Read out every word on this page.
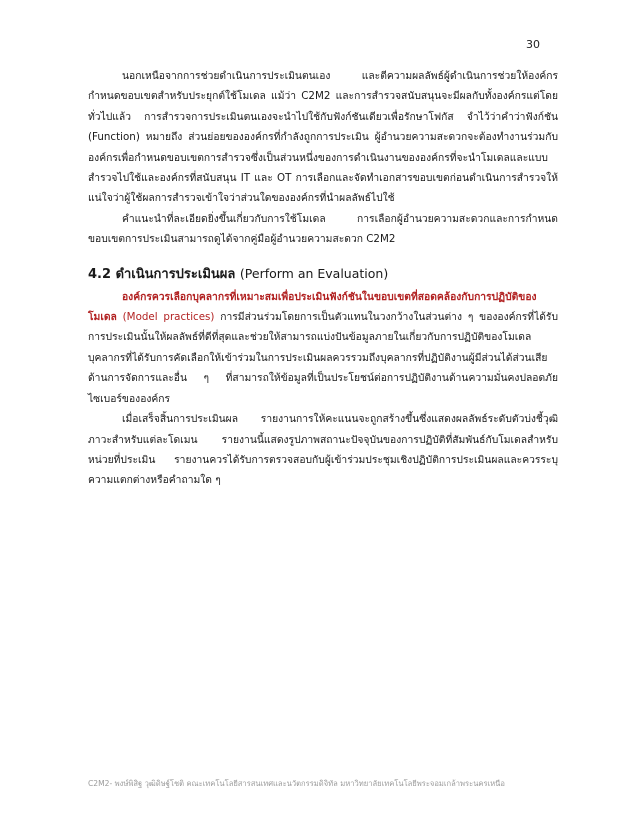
30

นอกเหนือจากการช่วยดำเนินการประเมินตนเอง และตีความผลลัพธ์ผู้ดำเนินการช่วยให้องค์กรกำหนดขอบเขตสำหรับประยุกต์ใช้โมเดล แม้ว่า C2M2 และการสำรวจสนับสนุนจะมีผลกับทั้งองค์กรแต่โดยทั่วไปแล้ว การสำรวจการประเมินตนเองจะนำไปใช้กับฟังก์ชันเดียวเพื่อรักษาโฟกัส จำไว้ว่าคำว่าฟังก์ชัน (Function) หมายถึง ส่วนย่อยขององค์กรที่กำลังถูกการประเมิน ผู้อำนวยความสะดวกจะต้องทำงานร่วมกับองค์กรเพื่อกำหนดขอบเขตการสำรวจซึ่งเป็นส่วนหนึ่งของการดำเนินงานขององค์กรที่จะนำโมเดลและแบบสำรวจไปใช้และองค์กรที่สนับสนุน IT และ OT การเลือกและจัดทำเอกสารขอบเขตก่อนดำเนินการสำรวจให้แน่ใจว่าผู้ใช้ผลการสำรวจเข้าใจว่าส่วนใดขององค์กรที่นำผลลัพธ์ไปใช้

คำแนะนำที่ละเอียดยิ่งขึ้นเกี่ยวกับการใช้โมเดล การเลือกผู้อำนวยความสะดวกและการกำหนดขอบเขตการประเมินสามารถดูได้จากคู่มือผู้อำนวยความสะดวก C2M2

4.2 ดำเนินการประเมินผล (Perform an Evaluation)

องค์กรควรเลือกบุคลากรที่เหมาะสมเพื่อประเมินฟังก์ชันในขอบเขตที่สอดคล้องกับการปฏิบัติของโมเดล (Model practices) การมีส่วนร่วมโดยการเป็นตัวแทนในวงกว้างในส่วนต่าง ๆ ขององค์กรที่ได้รับการประเมินนั้นให้ผลลัพธ์ที่ดีที่สุดและช่วยให้สามารถแบ่งปันข้อมูลภายในเกี่ยวกับการปฏิบัติของโมเดลบุคลากรที่ได้รับการคัดเลือกให้เข้าร่วมในการประเมินผลควรรวมถึงบุคลากรที่ปฏิบัติงานผู้มีส่วนได้ส่วนเสียด้านการจัดการและอื่น ๆ ที่สามารถให้ข้อมูลที่เป็นประโยชน์ต่อการปฏิบัติงานด้านความมั่นคงปลอดภัยไซเบอร์ขององค์กร

เมื่อเสร็จสิ้นการประเมินผล รายงานการให้คะแนนจะถูกสร้างขึ้นซึ่งแสดงผลลัพธ์ระดับตัวบ่งชี้วุฒิภาวะสำหรับแต่ละโดเมน รายงานนี้แสดงรูปภาพสถานะปัจจุบันของการปฏิบัติที่สัมพันธ์กับโมเดลสำหรับหน่วยที่ประเมิน รายงานควรได้รับการตรวจสอบกับผู้เข้าร่วมประชุมเชิงปฏิบัติการประเมินผลและควรระบุความแตกต่างหรือคำถามใด ๆ

C2M2- พงษ์พิสิฐ วุฒิดิษฐ์โชติ คณะเทคโนโลยีสารสนเทศและนวัตกรรมดิจิทัล มหาวิทยาลัยเทคโนโลยีพระจอมเกล้าพระนครเหนือ
